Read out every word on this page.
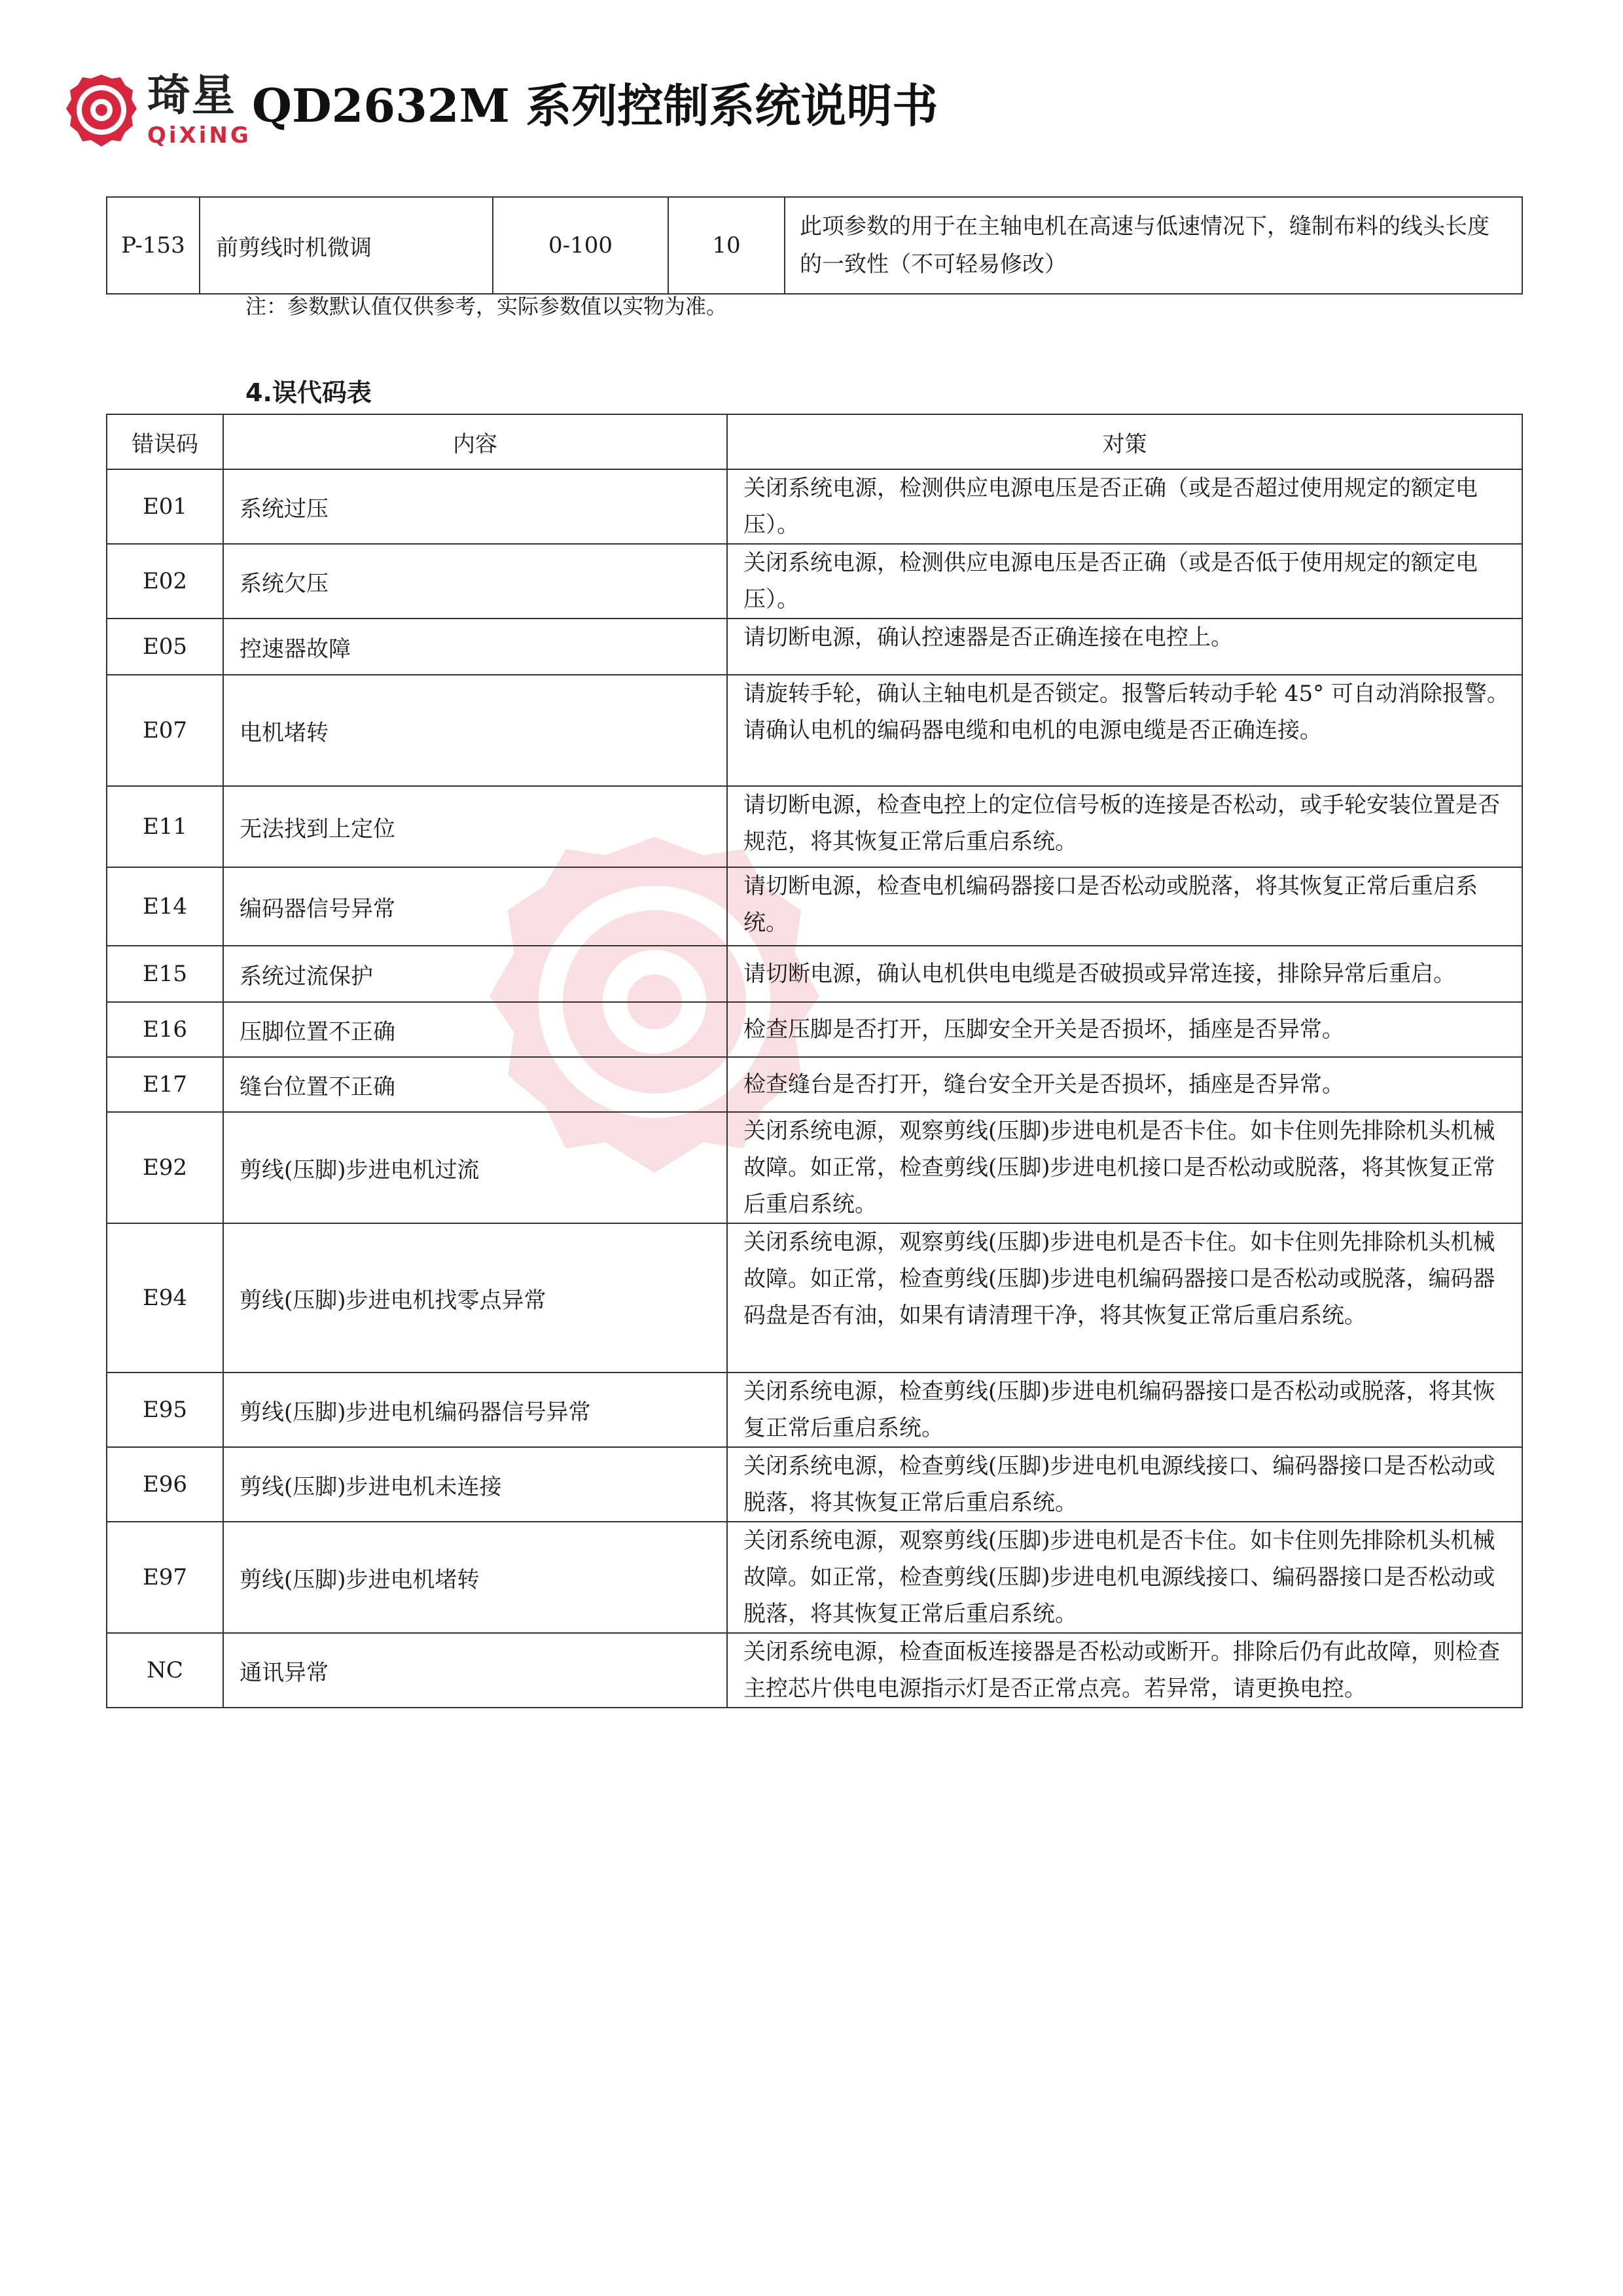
琦星
QiXiNG
QD2632M 系列控制系统说明书
P-153	前剪线时机微调	0-100	10	此项参数的用于在主轴电机在高速与低速情况下，缝制布料的线头长度的一致性（不可轻易修改）
注：参数默认值仅供参考，实际参数值以实物为准。
4.误代码表
错误码	内容	对策
E01	系统过压	关闭系统电源，检测供应电源电压是否正确（或是否超过使用规定的额定电压）。
E02	系统欠压	关闭系统电源，检测供应电源电压是否正确（或是否低于使用规定的额定电压）。
E05	控速器故障	请切断电源，确认控速器是否正确连接在电控上。
E07	电机堵转	请旋转手轮，确认主轴电机是否锁定。报警后转动手轮 45° 可自动消除报警。
请确认电机的编码器电缆和电机的电源电缆是否正确连接。

E11	无法找到上定位	请切断电源，检查电控上的定位信号板的连接是否松动，或手轮安装位置是否规范，将其恢复正常后重启系统。
E14	编码器信号异常	请切断电源，检查电机编码器接口是否松动或脱落，将其恢复正常后重启系统。
E15	系统过流保护	请切断电源，确认电机供电电缆是否破损或异常连接，排除异常后重启。
E16	压脚位置不正确	检查压脚是否打开，压脚安全开关是否损坏，插座是否异常。
E17	缝台位置不正确	检查缝台是否打开，缝台安全开关是否损坏，插座是否异常。
E92	剪线(压脚)步进电机过流	关闭系统电源，观察剪线(压脚)步进电机是否卡住。如卡住则先排除机头机械故障。如正常，检查剪线(压脚)步进电机接口是否松动或脱落，将其恢复正常后重启系统。
E94	剪线(压脚)步进电机找零点异常	关闭系统电源，观察剪线(压脚)步进电机是否卡住。如卡住则先排除机头机械故障。如正常，检查剪线(压脚)步进电机编码器接口是否松动或脱落，编码器码盘是否有油，如果有请清理干净，将其恢复正常后重启系统。
E95	剪线(压脚)步进电机编码器信号异常	关闭系统电源，检查剪线(压脚)步进电机编码器接口是否松动或脱落，将其恢复正常后重启系统。
E96	剪线(压脚)步进电机未连接	关闭系统电源，检查剪线(压脚)步进电机电源线接口、编码器接口是否松动或脱落，将其恢复正常后重启系统。
E97	剪线(压脚)步进电机堵转	关闭系统电源，观察剪线(压脚)步进电机是否卡住。如卡住则先排除机头机械故障。如正常，检查剪线(压脚)步进电机电源线接口、编码器接口是否松动或脱落，将其恢复正常后重启系统。
NC	通讯异常	关闭系统电源，检查面板连接器是否松动或断开。排除后仍有此故障，则检查主控芯片供电电源指示灯是否正常点亮。若异常，请更换电控。
